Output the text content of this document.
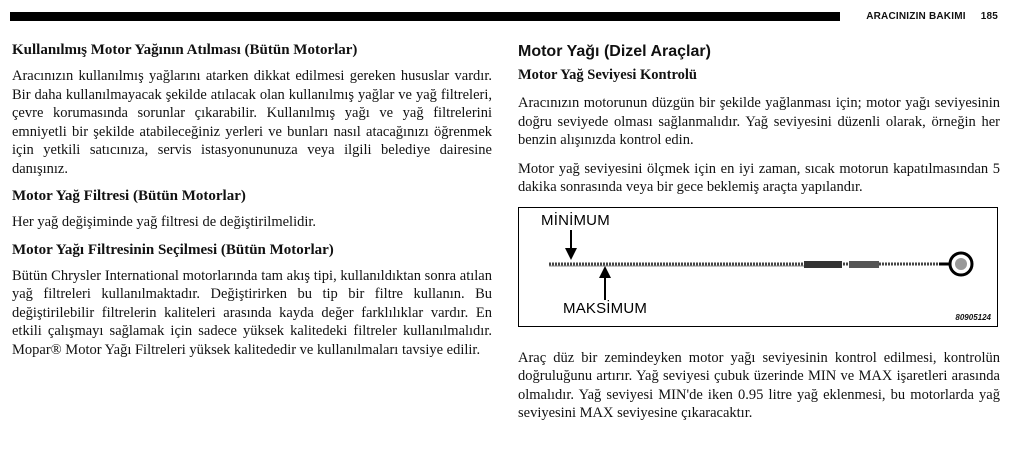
ARACINIZIN BAKIMI 185
Kullanılmış Motor Yağının Atılması (Bütün Motorlar)

Aracınızın kullanılmış yağlarını atarken dikkat edilmesi gereken hususlar vardır. Bir daha kullanılmayacak şekilde atılacak olan kullanılmış yağlar ve yağ filtreleri, çevre korumasında sorunlar çıkarabilir. Kullanılmış yağı ve yağ filtrelerini emniyetli bir şekilde atabileceğiniz yerleri ve bunları nasıl atacağınızı öğrenmek için yetkili satıcınıza, servis istasyonununuza veya ilgili belediye dairesine danışınız.

Motor Yağ Filtresi (Bütün Motorlar)

Her yağ değişiminde yağ filtresi de değiştirilmelidir.

Motor Yağı Filtresinin Seçilmesi (Bütün Motorlar)

Bütün Chrysler International motorlarında tam akış tipi, kullanıldıktan sonra atılan yağ filtreleri kullanılmaktadır. Değiştirirken bu tip bir filtre kullanın. Bu değiştirilebilir filtrelerin kaliteleri arasında kayda değer farklılıklar vardır. En etkili çalışmayı sağlamak için sadece yüksek kalitedeki filtreler kullanılmalıdır. Mopar® Motor Yağı Filtreleri yüksek kalitededir ve kullanılmaları tavsiye edilir.

Motor Yağı (Dizel Araçlar)
Motor Yağ Seviyesi Kontrolü

Aracınızın motorunun düzgün bir şekilde yağlanması için; motor yağı seviyesinin doğru seviyede olması sağlanmalıdır. Yağ seviyesini düzenli olarak, örneğin her benzin alışınızda kontrol edin.

Motor yağ seviyesini ölçmek için en iyi zaman, sıcak motorun kapatılmasından 5 dakika sonrasında veya bir gece beklemiş araçta yapılandır.

MİNİMUM
MAKSİMUM
80905124

Araç düz bir zemindeyken motor yağı seviyesinin kontrol edilmesi, kontrolün doğruluğunu artırır. Yağ seviyesi çubuk üzerinde MIN ve MAX işaretleri arasında olmalıdır. Yağ seviyesi MIN'de iken 0.95 litre yağ eklenmesi, bu motorlarda yağ seviyesini MAX seviyesine çıkaracaktır.
